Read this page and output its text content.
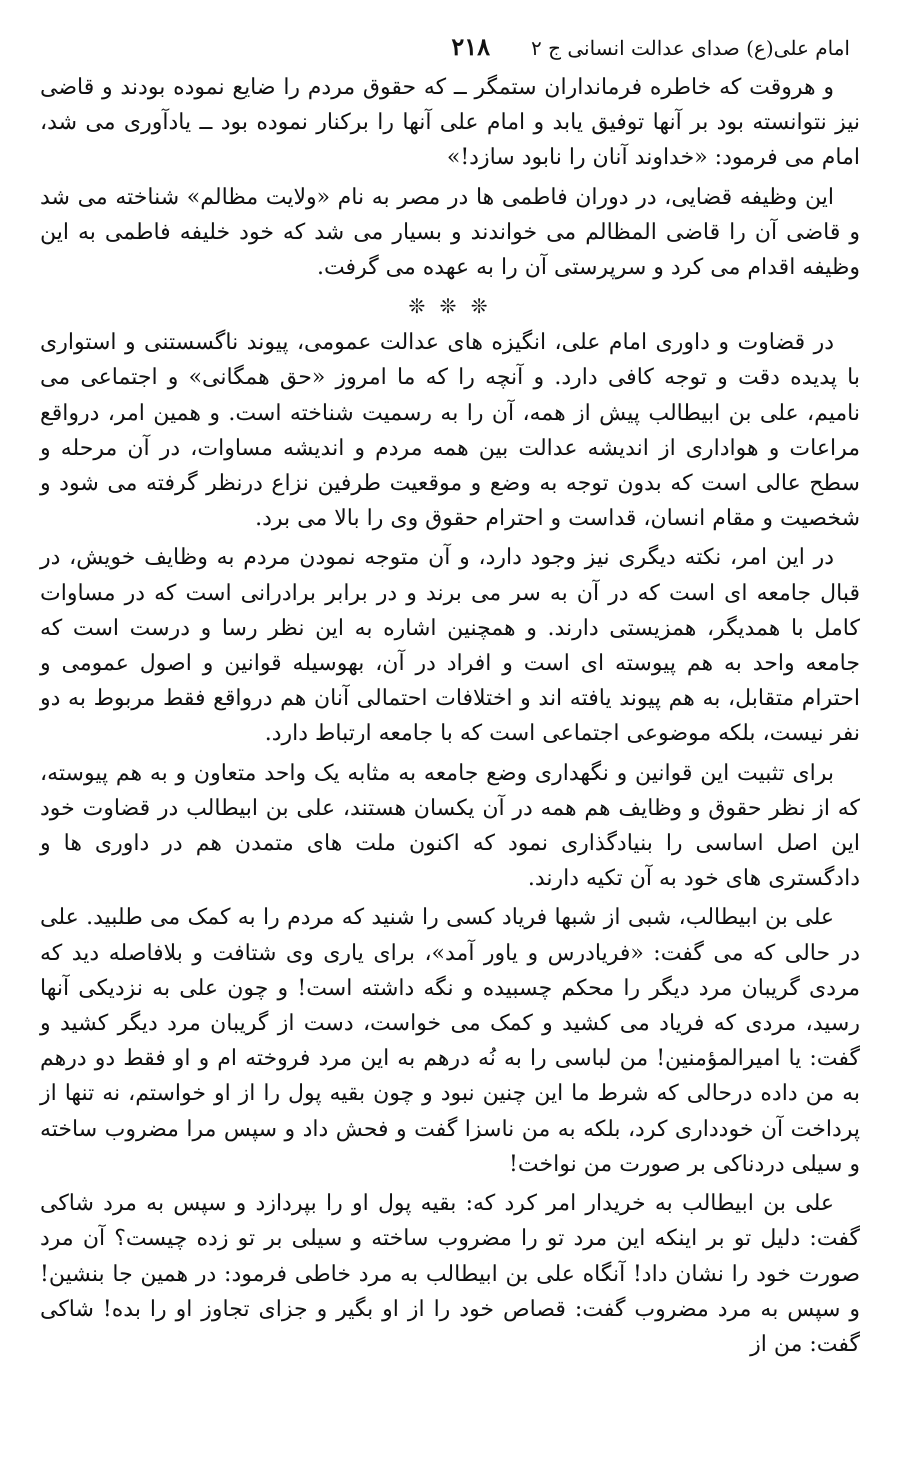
امام علی(ع) صدای عدالت انسانی ج ۲
۲۱۸

و هروقت که خاطره فرمانداران ستمگر ــ که حقوق مردم را ضایع نموده بودند و قاضی نیز نتوانسته بود بر آنها توفیق یابد و امام علی آنها را برکنار نموده بود ــ یادآوری می شد، امام می فرمود: «خداوند آنان را نابود سازد!»

این وظیفه قضایی، در دوران فاطمی ها در مصر به نام «ولایت مظالم» شناخته می شد و قاضی آن را قاضی المظالم می خواندند و بسیار می شد که خود خلیفه فاطمی به این وظیفه اقدام می کرد و سرپرستی آن را به عهده می گرفت.

❊ ❊ ❊

در قضاوت و داوری امام علی، انگیزه های عدالت عمومی، پیوند ناگسستنی و استواری با پدیده دقت و توجه کافی دارد. و آنچه را که ما امروز «حق همگانی» و اجتماعی می نامیم، علی بن ابیطالب پیش از همه، آن را به رسمیت شناخته است. و همین امر، درواقع مراعات و هواداری از اندیشه عدالت بین همه مردم و اندیشه مساوات، در آن مرحله و سطح عالی است که بدون توجه به وضع و موقعیت طرفین نزاع درنظر گرفته می شود و شخصیت و مقام انسان، قداست و احترام حقوق وی را بالا می برد.

در این امر، نکته دیگری نیز وجود دارد، و آن متوجه نمودن مردم به وظایف خویش، در قبال جامعه ای است که در آن به سر می برند و در برابر برادرانی است که در مساوات کامل با همدیگر، همزیستی دارند. و همچنین اشاره به این نظر رسا و درست است که جامعه واحد به هم پیوسته ای است و افراد در آن، بهوسیله قوانین و اصول عمومی و احترام متقابل، به هم پیوند یافته اند و اختلافات احتمالی آنان هم درواقع فقط مربوط به دو نفر نیست، بلکه موضوعی اجتماعی است که با جامعه ارتباط دارد.

برای تثبیت این قوانین و نگهداری وضع جامعه به مثابه یک واحد متعاون و به هم پیوسته، که از نظر حقوق و وظایف هم همه در آن یکسان هستند، علی بن ابیطالب در قضاوت خود این اصل اساسی را بنیادگذاری نمود که اکنون ملت های متمدن هم در داوری ها و دادگستری های خود به آن تکیه دارند.

علی بن ابیطالب، شبی از شبها فریاد کسی را شنید که مردم را به کمک می طلبید. علی در حالی که می گفت: «فریادرس و یاور آمد»، برای یاری وی شتافت و بلافاصله دید که مردی گریبان مرد دیگر را محکم چسبیده و نگه داشته است! و چون علی به نزدیکی آنها رسید، مردی که فریاد می کشید و کمک می خواست، دست از گریبان مرد دیگر کشید و گفت: یا امیرالمؤمنین! من لباسی را به نُه درهم به این مرد فروخته ام و او فقط دو درهم به من داده درحالی که شرط ما این چنین نبود و چون بقیه پول را از او خواستم، نه تنها از پرداخت آن خودداری کرد، بلکه به من ناسزا گفت و فحش داد و سپس مرا مضروب ساخته و سیلی دردناکی بر صورت من نواخت!

علی بن ابیطالب به خریدار امر کرد که: بقیه پول او را بپردازد و سپس به مرد شاکی گفت: دلیل تو بر اینکه این مرد تو را مضروب ساخته و سیلی بر تو زده چیست؟ آن مرد صورت خود را نشان داد! آنگاه علی بن ابیطالب به مرد خاطی فرمود: در همین جا بنشین! و سپس به مرد مضروب گفت: قصاص خود را از او بگیر و جزای تجاوز او را بده! شاکی گفت: من از
